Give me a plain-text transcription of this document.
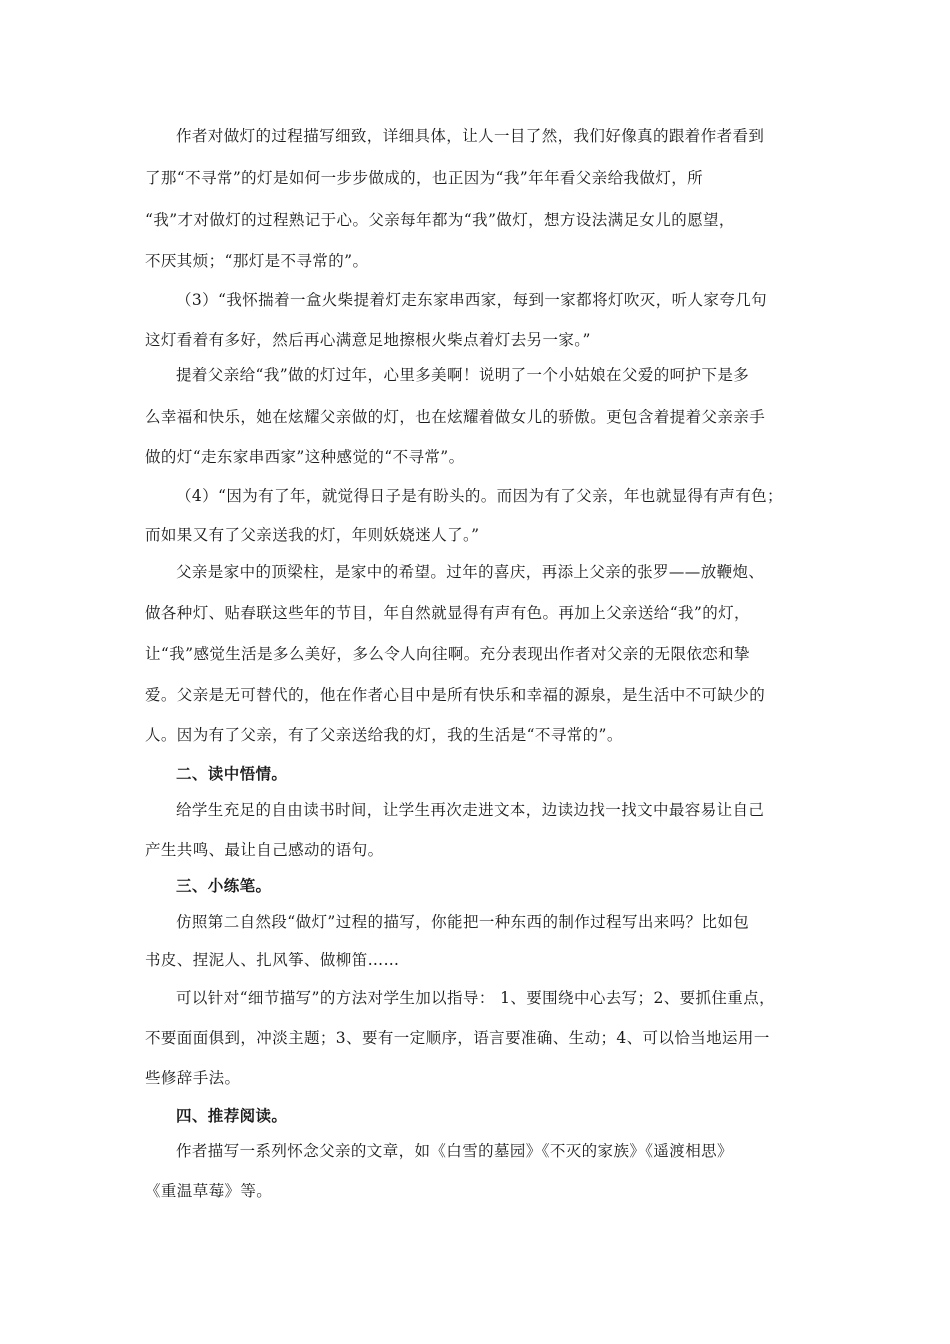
作者对做灯的过程描写细致，详细具体，让人一目了然，我们好像真的跟着作者看到
了那“不寻常”的灯是如何一步步做成的，也正因为“我”年年看父亲给我做灯，所
“我”才对做灯的过程熟记于心。父亲每年都为“我”做灯，想方设法满足女儿的愿望，
不厌其烦；“那灯是不寻常的”。
（3）“我怀揣着一盒火柴提着灯走东家串西家，每到一家都将灯吹灭，听人家夸几句
这灯看着有多好，然后再心满意足地擦根火柴点着灯去另一家。”
提着父亲给“我”做的灯过年，心里多美啊！说明了一个小姑娘在父爱的呵护下是多
么幸福和快乐，她在炫耀父亲做的灯，也在炫耀着做女儿的骄傲。更包含着提着父亲亲手
做的灯“走东家串西家”这种感觉的“不寻常”。
（4）“因为有了年，就觉得日子是有盼头的。而因为有了父亲，年也就显得有声有色；
而如果又有了父亲送我的灯，年则妖娆迷人了。”
父亲是家中的顶梁柱，是家中的希望。过年的喜庆，再添上父亲的张罗——放鞭炮、
做各种灯、贴春联这些年的节目，年自然就显得有声有色。再加上父亲送给“我”的灯，
让“我”感觉生活是多么美好，多么令人向往啊。充分表现出作者对父亲的无限依恋和挚
爱。父亲是无可替代的，他在作者心目中是所有快乐和幸福的源泉，是生活中不可缺少的
人。因为有了父亲，有了父亲送给我的灯，我的生活是“不寻常的”。
二、读中悟情。
给学生充足的自由读书时间，让学生再次走进文本，边读边找一找文中最容易让自己
产生共鸣、最让自己感动的语句。
三、小练笔。
仿照第二自然段“做灯”过程的描写，你能把一种东西的制作过程写出来吗？比如包
书皮、捏泥人、扎风筝、做柳笛……
可以针对“细节描写”的方法对学生加以指导： 1、要围绕中心去写；2、要抓住重点，
不要面面俱到，冲淡主题；3、要有一定顺序，语言要准确、生动；4、可以恰当地运用一
些修辞手法。
四、推荐阅读。
作者描写一系列怀念父亲的文章，如《白雪的墓园》《不灭的家族》《遥渡相思》
《重温草莓》等。
